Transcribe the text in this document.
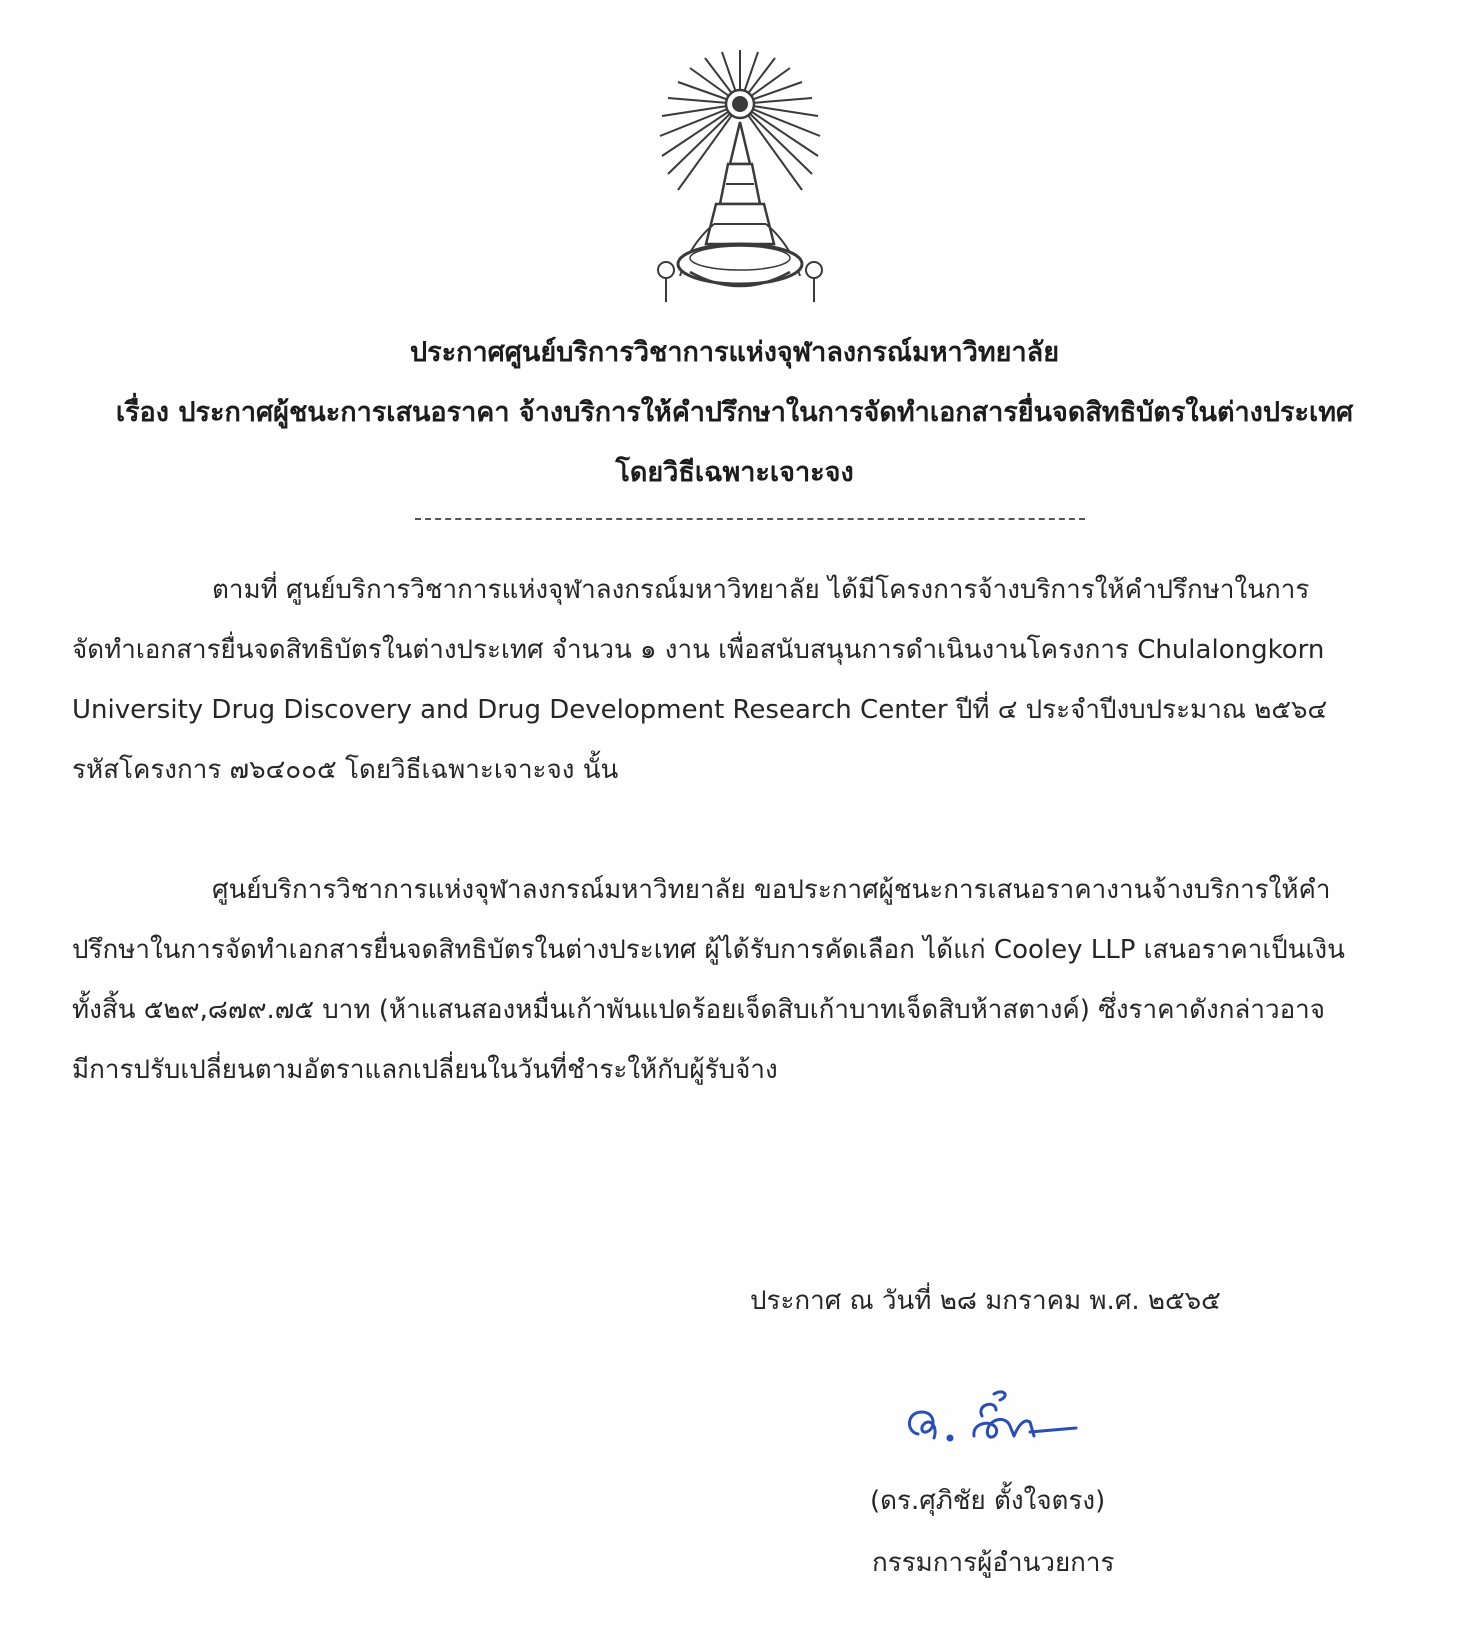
ประกาศศูนย์บริการวิชาการแห่งจุฬาลงกรณ์มหาวิทยาลัย
เรื่อง ประกาศผู้ชนะการเสนอราคา จ้างบริการให้คำปรึกษาในการจัดทำเอกสารยื่นจดสิทธิบัตรในต่างประเทศ
โดยวิธีเฉพาะเจาะจง
ตามที่ ศูนย์บริการวิชาการแห่งจุฬาลงกรณ์มหาวิทยาลัย ได้มีโครงการจ้างบริการให้คำปรึกษาในการ
จัดทำเอกสารยื่นจดสิทธิบัตรในต่างประเทศ จำนวน ๑ งาน เพื่อสนับสนุนการดำเนินงานโครงการ Chulalongkorn
University Drug Discovery and Drug Development Research Center ปีที่ ๔ ประจำปีงบประมาณ ๒๕๖๔
รหัสโครงการ ๗๖๔๐๐๕ โดยวิธีเฉพาะเจาะจง นั้น
ศูนย์บริการวิชาการแห่งจุฬาลงกรณ์มหาวิทยาลัย ขอประกาศผู้ชนะการเสนอราคางานจ้างบริการให้คำ
ปรึกษาในการจัดทำเอกสารยื่นจดสิทธิบัตรในต่างประเทศ ผู้ได้รับการคัดเลือก ได้แก่ Cooley LLP เสนอราคาเป็นเงิน
ทั้งสิ้น ๕๒๙,๘๗๙.๗๕ บาท (ห้าแสนสองหมื่นเก้าพันแปดร้อยเจ็ดสิบเก้าบาทเจ็ดสิบห้าสตางค์) ซึ่งราคาดังกล่าวอาจ
มีการปรับเปลี่ยนตามอัตราแลกเปลี่ยนในวันที่ชำระให้กับผู้รับจ้าง
ประกาศ ณ วันที่ ๒๘ มกราคม พ.ศ. ๒๕๖๕
(ดร.ศุภิชัย ตั้งใจตรง)
กรรมการผู้อำนวยการ
